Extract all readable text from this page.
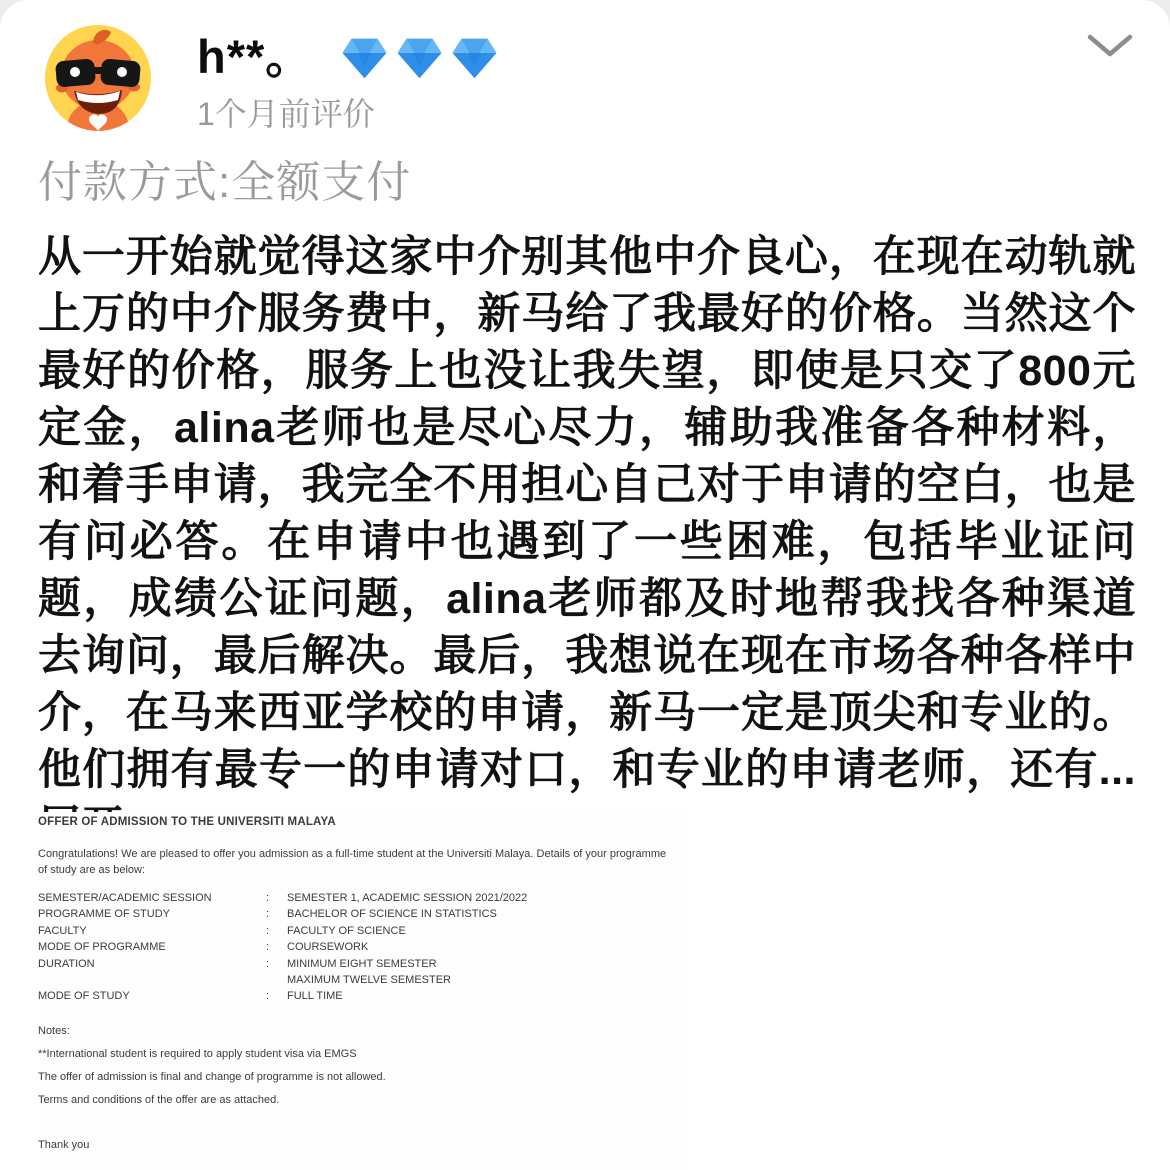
h**。
1个月前评价
付款方式:全额支付
从一开始就觉得这家中介别其他中介良心，在现在动轨就上万的中介服务费中，新马给了我最好的价格。当然这个最好的价格，服务上也没让我失望，即使是只交了800元定金，alina老师也是尽心尽力，辅助我准备各种材料，和着手申请，我完全不用担心自己对于申请的空白，也是有问必答。在申请中也遇到了一些困难，包括毕业证问题，成绩公证问题，alina老师都及时地帮我找各种渠道去询问，最后解决。最后，我想说在现在市场各种各样中介，在马来西亚学校的申请，新马一定是顶尖和专业的。他们拥有最专一的申请对口，和专业的申请老师，还有...
OFFER OF ADMISSION TO THE UNIVERSITI MALAYA
Congratulations! We are pleased to offer you admission as a full-time student at the Universiti Malaya. Details of your programme of study are as below:
SEMESTER/ACADEMIC SESSION	:	SEMESTER 1, ACADEMIC SESSION 2021/2022
PROGRAMME OF STUDY	:	BACHELOR OF SCIENCE IN STATISTICS
FACULTY	:	FACULTY OF SCIENCE
MODE OF PROGRAMME	:	COURSEWORK
DURATION	:	MINIMUM EIGHT SEMESTER
MAXIMUM TWELVE SEMESTER
MODE OF STUDY	:	FULL TIME
Notes:
**International student is required to apply student visa via EMGS
The offer of admission is final and change of programme is not allowed.
Terms and conditions of the offer are as attached.
Thank you
